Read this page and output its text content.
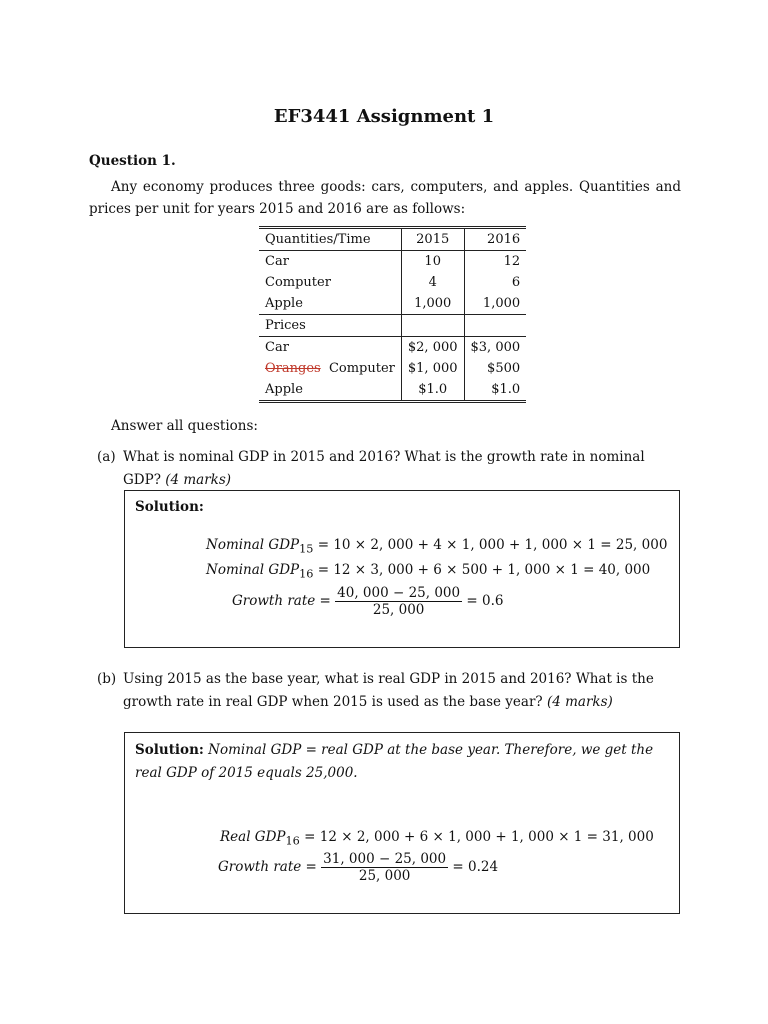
EF3441 Assignment 1
Question 1.
Any economy produces three goods: cars, computers, and apples. Quantities and prices per unit for years 2015 and 2016 are as follows:
Quantities/Time	2015	2016
Car	10	12
Computer	4	6
Apple	1,000	1,000
Prices		
Car	$2, 000	$3, 000
Oranges Computer	$1, 000	$500
Apple	$1.0	$1.0
Answer all questions:
(a) What is nominal GDP in 2015 and 2016? What is the growth rate in nominal GDP? (4 marks)
Solution:
Nominal $GDP_{15} = 10 \times 2$, 000 + 4 × 1, 000 + 1, 000 × 1 = 25, 000
Nominal $GDP_{16} = 12 \times 3$, 000 + 6 × 500 + 1, 000 × 1 = 40, 000
Growth rate = $\frac{40, 000 - 25, 000}{25, 000} = 0.6$
(b) Using 2015 as the base year, what is real GDP in 2015 and 2016? What is the growth rate in real GDP when 2015 is used as the base year? (4 marks)
Solution: Nominal GDP = real GDP at the base year. Therefore, we get the real GDP of 2015 equals 25,000.
Real $GDP_{16} = 12 \times 2$, 000 + 6 × 1, 000 + 1, 000 × 1 = 31, 000
Growth rate = $\frac{31, 000 - 25, 000}{25, 000} = 0.24$
